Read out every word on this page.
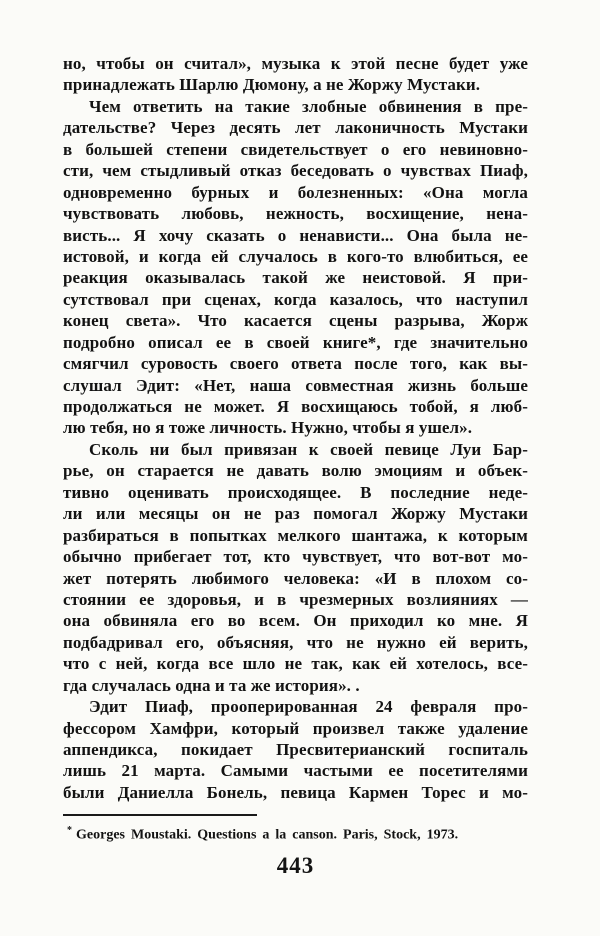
но, чтобы он считал», музыка к этой песне будет уже
принадлежать Шарлю Дюмону, а не Жоржу Мустаки.
Чем ответить на такие злобные обвинения в пре-
дательстве? Через десять лет лаконичность Мустаки
в большей степени свидетельствует о его невиновно-
сти, чем стыдливый отказ беседовать о чувствах Пиаф,
одновременно бурных и болезненных: «Она могла
чувствовать любовь, нежность, восхищение, нена-
висть... Я хочу сказать о ненависти... Она была не-
истовой, и когда ей случалось в кого-то влюбиться, ее
реакция оказывалась такой же неистовой. Я при-
сутствовал при сценах, когда казалось, что наступил
конец света». Что касается сцены разрыва, Жорж
подробно описал ее в своей книге*, где значительно
смягчил суровость своего ответа после того, как вы-
слушал Эдит: «Нет, наша совместная жизнь больше
продолжаться не может. Я восхищаюсь тобой, я люб-
лю тебя, но я тоже личность. Нужно, чтобы я ушел».
Сколь ни был привязан к своей певице Луи Бар-
рье, он старается не давать волю эмоциям и объек-
тивно оценивать происходящее. В последние неде-
ли или месяцы он не раз помогал Жоржу Мустаки
разбираться в попытках мелкого шантажа, к которым
обычно прибегает тот, кто чувствует, что вот-вот мо-
жет потерять любимого человека: «И в плохом со-
стоянии ее здоровья, и в чрезмерных возлияниях —
она обвиняла его во всем. Он приходил ко мне. Я
подбадривал его, объясняя, что не нужно ей верить,
что с ней, когда все шло не так, как ей хотелось, все-
гда случалась одна и та же история». .
Эдит Пиаф, прооперированная 24 февраля про-
фессором Хамфри, который произвел также удаление
аппендикса, покидает Пресвитерианский госпиталь
лишь 21 марта. Самыми частыми ее посетителями
были Даниелла Бонель, певица Кармен Торес и мо-
* Georges Moustaki. Questions a la canson. Paris, Stock, 1973.
443
